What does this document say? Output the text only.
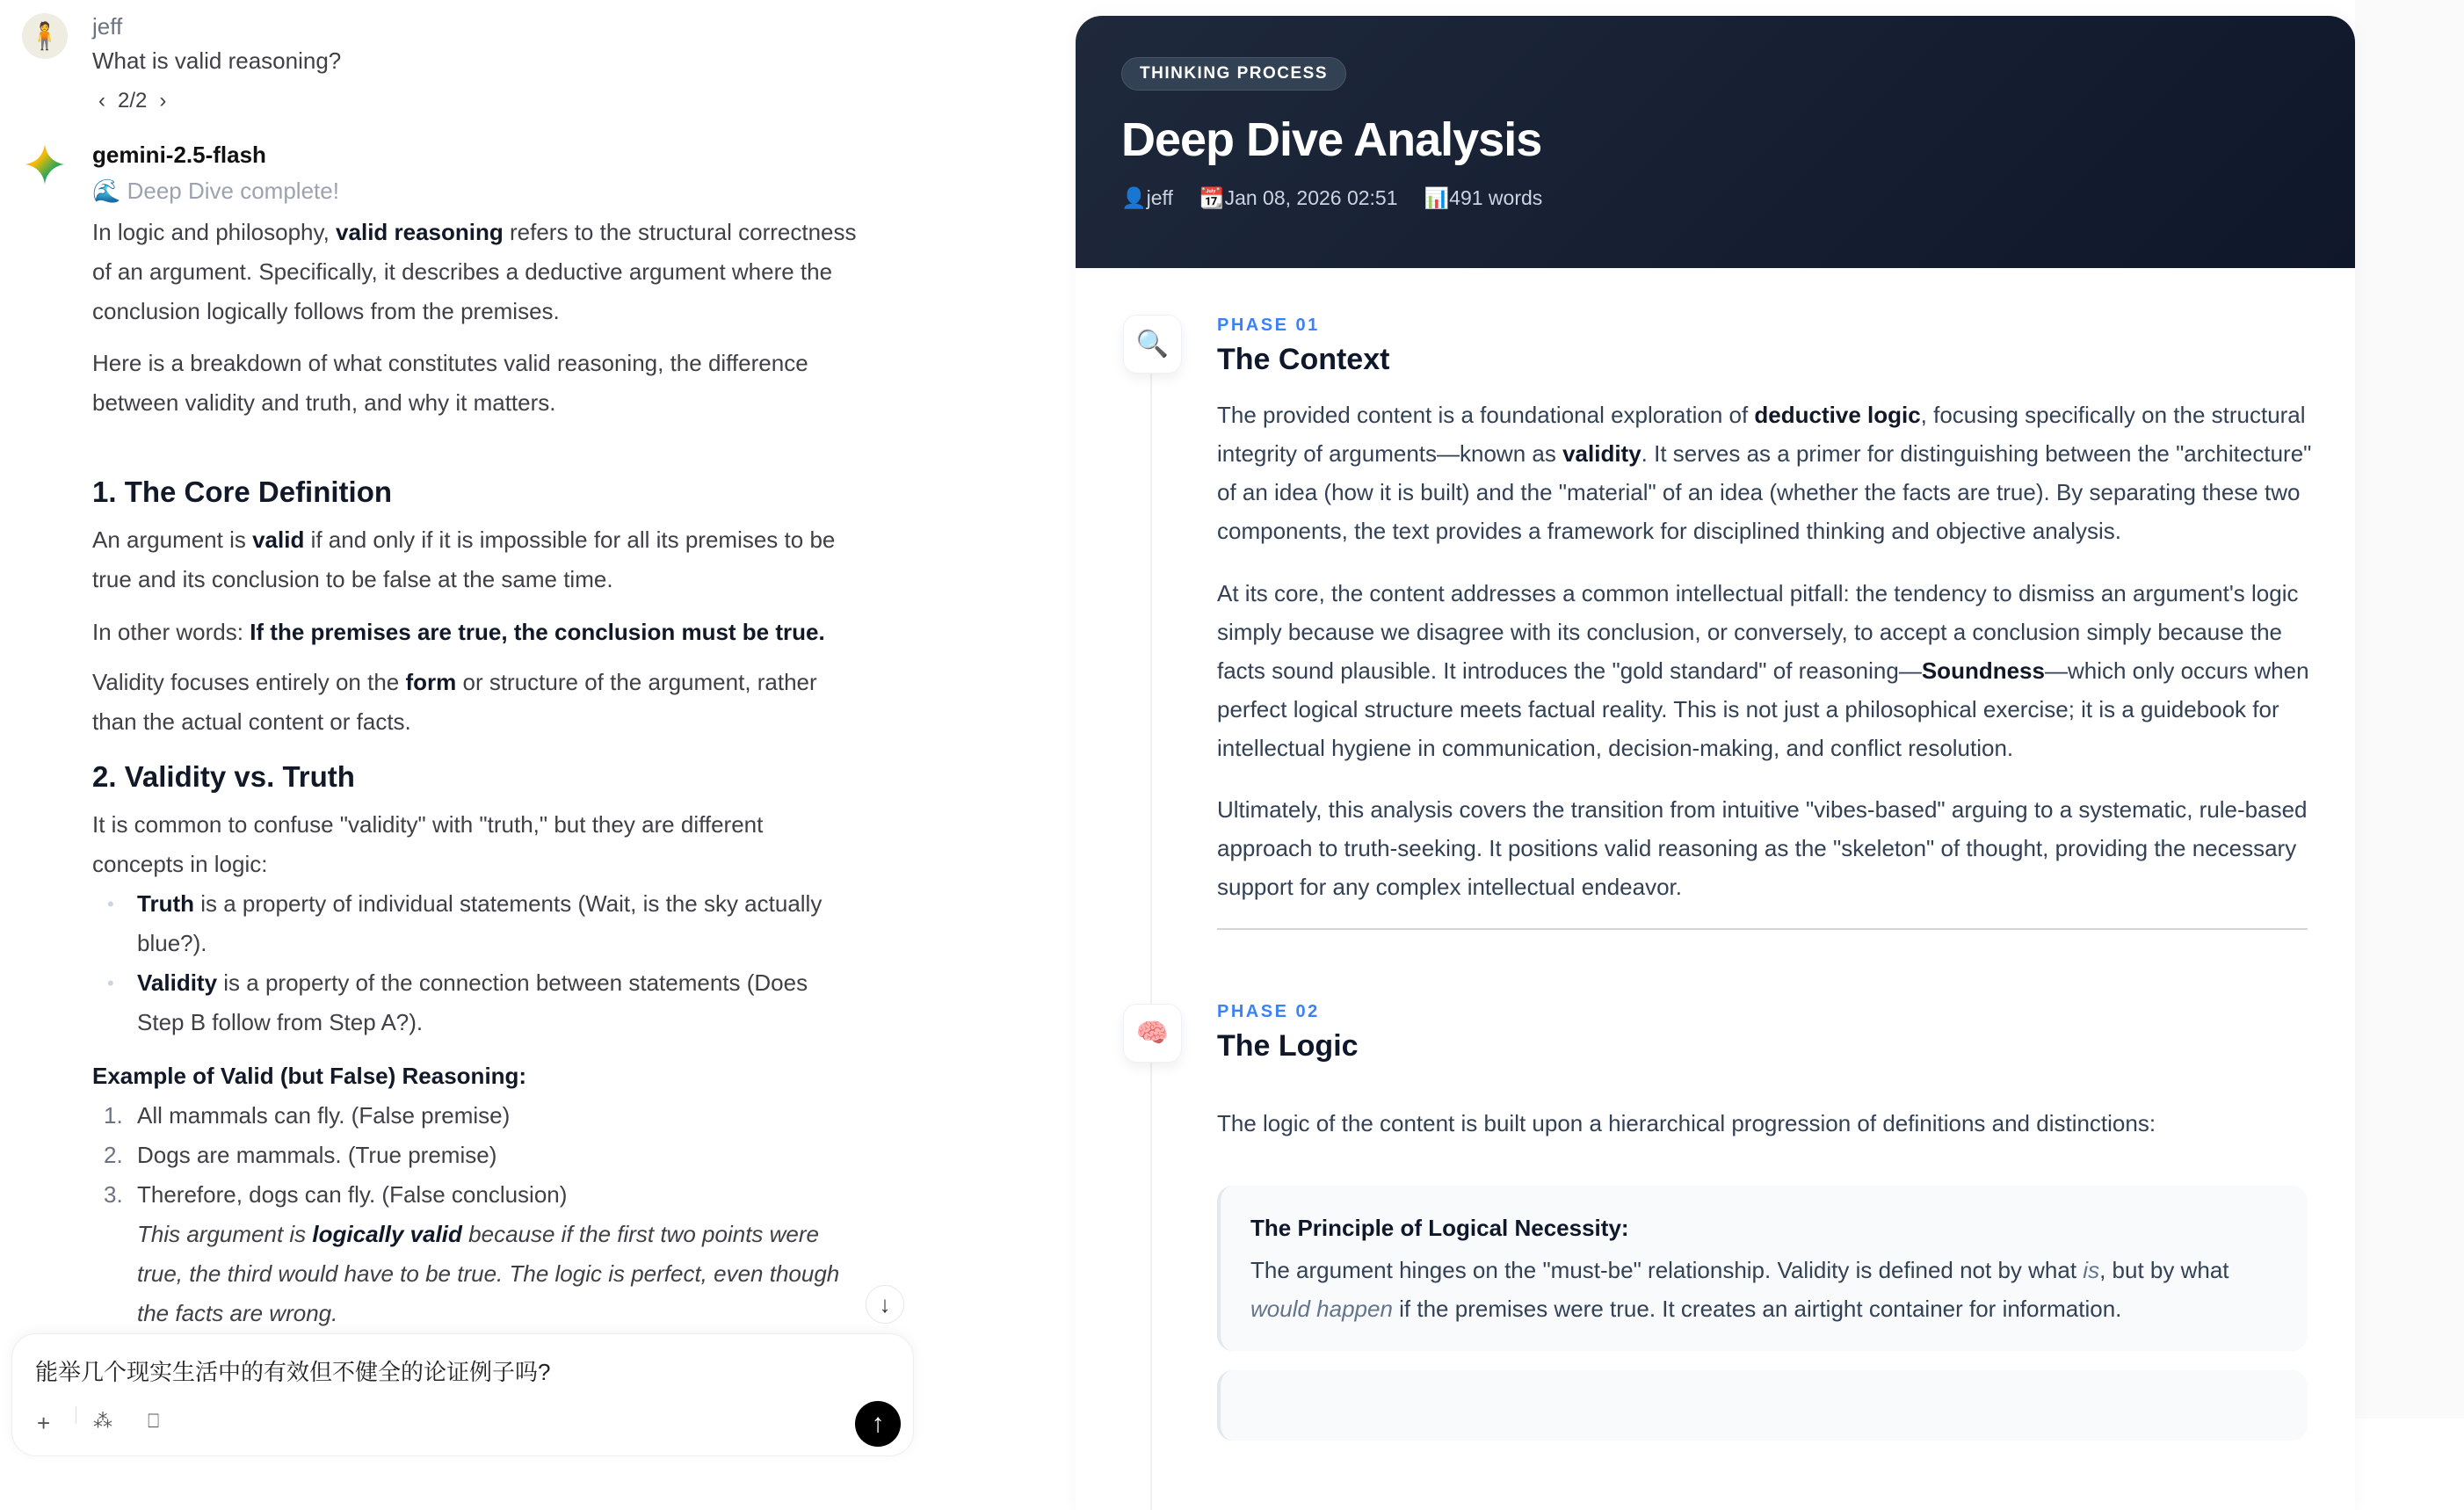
🧍 jeff
What is valid reasoning?
‹ 2/2 ›
gemini-2.5-flash
🌊 Deep Dive complete!
In logic and philosophy, valid reasoning refers to the structural correctness of an argument. Specifically, it describes a deductive argument where the conclusion logically follows from the premises.
Here is a breakdown of what constitutes valid reasoning, the difference between validity and truth, and why it matters.
1. The Core Definition
An argument is valid if and only if it is impossible for all its premises to be true and its conclusion to be false at the same time.
In other words: If the premises are true, the conclusion must be true.
Validity focuses entirely on the form or structure of the argument, rather than the actual content or facts.
2. Validity vs. Truth
It is common to confuse "validity" with "truth," but they are different concepts in logic:
• Truth is a property of individual statements (Wait, is the sky actually blue?).
• Validity is a property of the connection between statements (Does Step B follow from Step A?).
Example of Valid (but False) Reasoning:
1. All mammals can fly. (False premise)
2. Dogs are mammals. (True premise)
3. Therefore, dogs can fly. (False conclusion)
This argument is logically valid because if the first two points were true, the third would have to be true. The logic is perfect, even though the facts are wrong.	↓
能举几个现实生活中的有效但不健全的论证例子吗?
+ ⁂ ⎕	↑
THINKING PROCESS
Deep Dive Analysis
👤jeff 📆Jan 08, 2026 02:51 📊491 words
🔍
PHASE 01
The Context
The provided content is a foundational exploration of deductive logic, focusing specifically on the structural integrity of arguments—known as validity. It serves as a primer for distinguishing between the "architecture" of an idea (how it is built) and the "material" of an idea (whether the facts are true). By separating these two components, the text provides a framework for disciplined thinking and objective analysis.
At its core, the content addresses a common intellectual pitfall: the tendency to dismiss an argument's logic simply because we disagree with its conclusion, or conversely, to accept a conclusion simply because the facts sound plausible. It introduces the "gold standard" of reasoning—Soundness—which only occurs when perfect logical structure meets factual reality. This is not just a philosophical exercise; it is a guidebook for intellectual hygiene in communication, decision-making, and conflict resolution.
Ultimately, this analysis covers the transition from intuitive "vibes-based" arguing to a systematic, rule-based approach to truth-seeking. It positions valid reasoning as the "skeleton" of thought, providing the necessary support for any complex intellectual endeavor.
🧠
PHASE 02
The Logic
The logic of the content is built upon a hierarchical progression of definitions and distinctions:
The Principle of Logical Necessity:
The argument hinges on the "must-be" relationship. Validity is defined not by what is, but by what would happen if the premises were true. It creates an airtight container for information.
